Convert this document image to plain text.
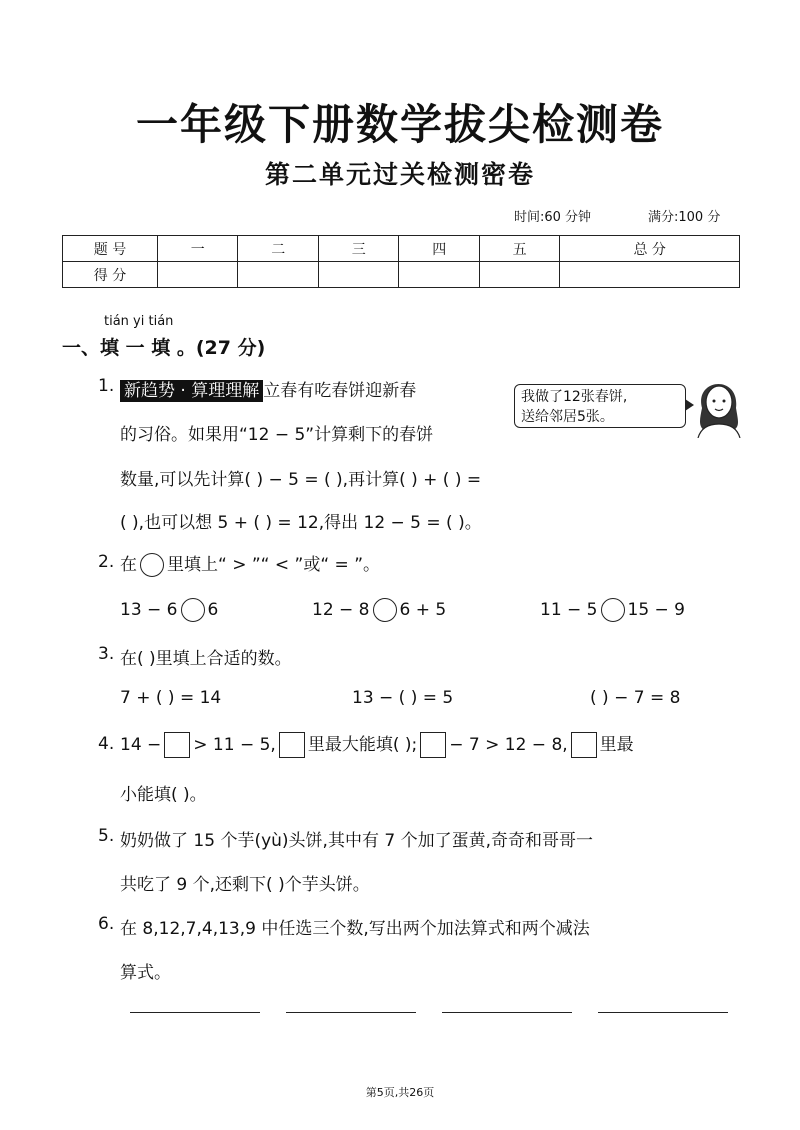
一年级下册数学拔尖检测卷
第二单元过关检测密卷
时间:60 分钟	满分:100 分
题 号	一	二	三	四	五	总 分
得 分						
tián yi tián
一、填 一 填 。(27 分)
1. 新趋势 · 算理理解 立春有吃春饼迎新春	我做了12张春饼,
送给邻居5张。
的习俗。如果用“12 − 5”计算剩下的春饼
数量,可以先计算( ) − 5 = ( ),再计算( ) + ( ) =
( ),也可以想 5 + ( ) = 12,得出 12 − 5 = ( )。
2. 在 里填上“ > ”“ < ”或“ = ”。
13 − 6 6	12 − 8 6 + 5	11 − 5 15 − 9
3. 在( )里填上合适的数。
7 + ( ) = 14	13 − ( ) = 5	( ) − 7 = 8
4. 14 − > 11 − 5, 里最大能填( ); − 7 > 12 − 8, 里最
小能填( )。
5. 奶奶做了 15 个芋(yù)头饼,其中有 7 个加了蛋黄,奇奇和哥哥一
共吃了 9 个,还剩下( )个芋头饼。
6. 在 8,12,7,4,13,9 中任选三个数,写出两个加法算式和两个减法
算式。
第5页,共26页
